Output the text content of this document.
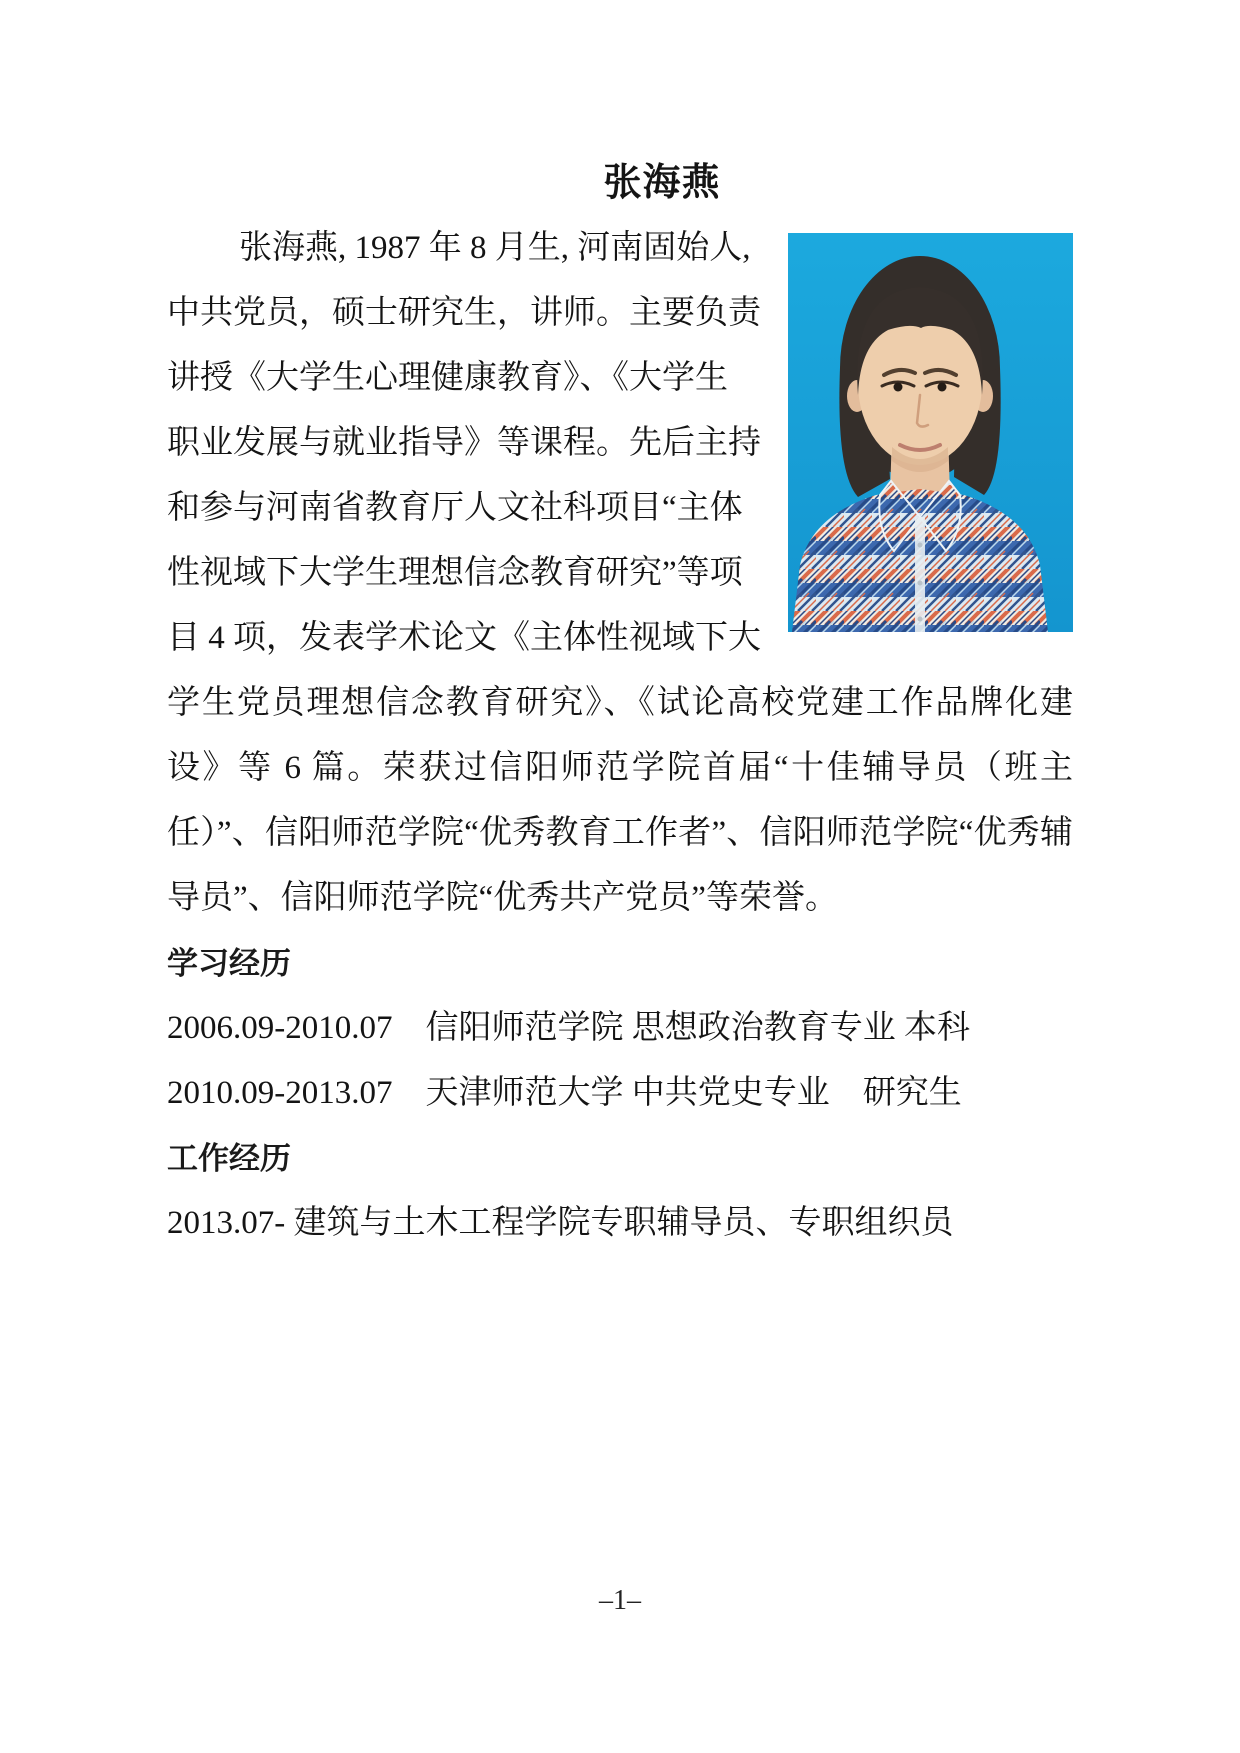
张海燕

张海燕, 1987 年 8 月生, 河南固始人,
中共党员，硕士研究生，讲师。主要负责
讲授《大学生心理健康教育》、《大学生
职业发展与就业指导》等课程。先后主持
和参与河南省教育厅人文社科项目“主体
性视域下大学生理想信念教育研究”等项
目 4 项，发表学术论文《主体性视域下大
学生党员理想信念教育研究》、《试论高校党建工作品牌化建设》等 6 篇。荣获过信阳师范学院首届“十佳辅导员（班主任）”、信阳师范学院“优秀教育工作者”、信阳师范学院“优秀辅导员”、信阳师范学院“优秀共产党员”等荣誉。

学习经历

2006.09-2010.07　信阳师范学院 思想政治教育专业 本科

2010.09-2013.07　天津师范大学 中共党史专业　研究生

工作经历

2013.07- 建筑与土木工程学院专职辅导员、专职组织员

–1–
